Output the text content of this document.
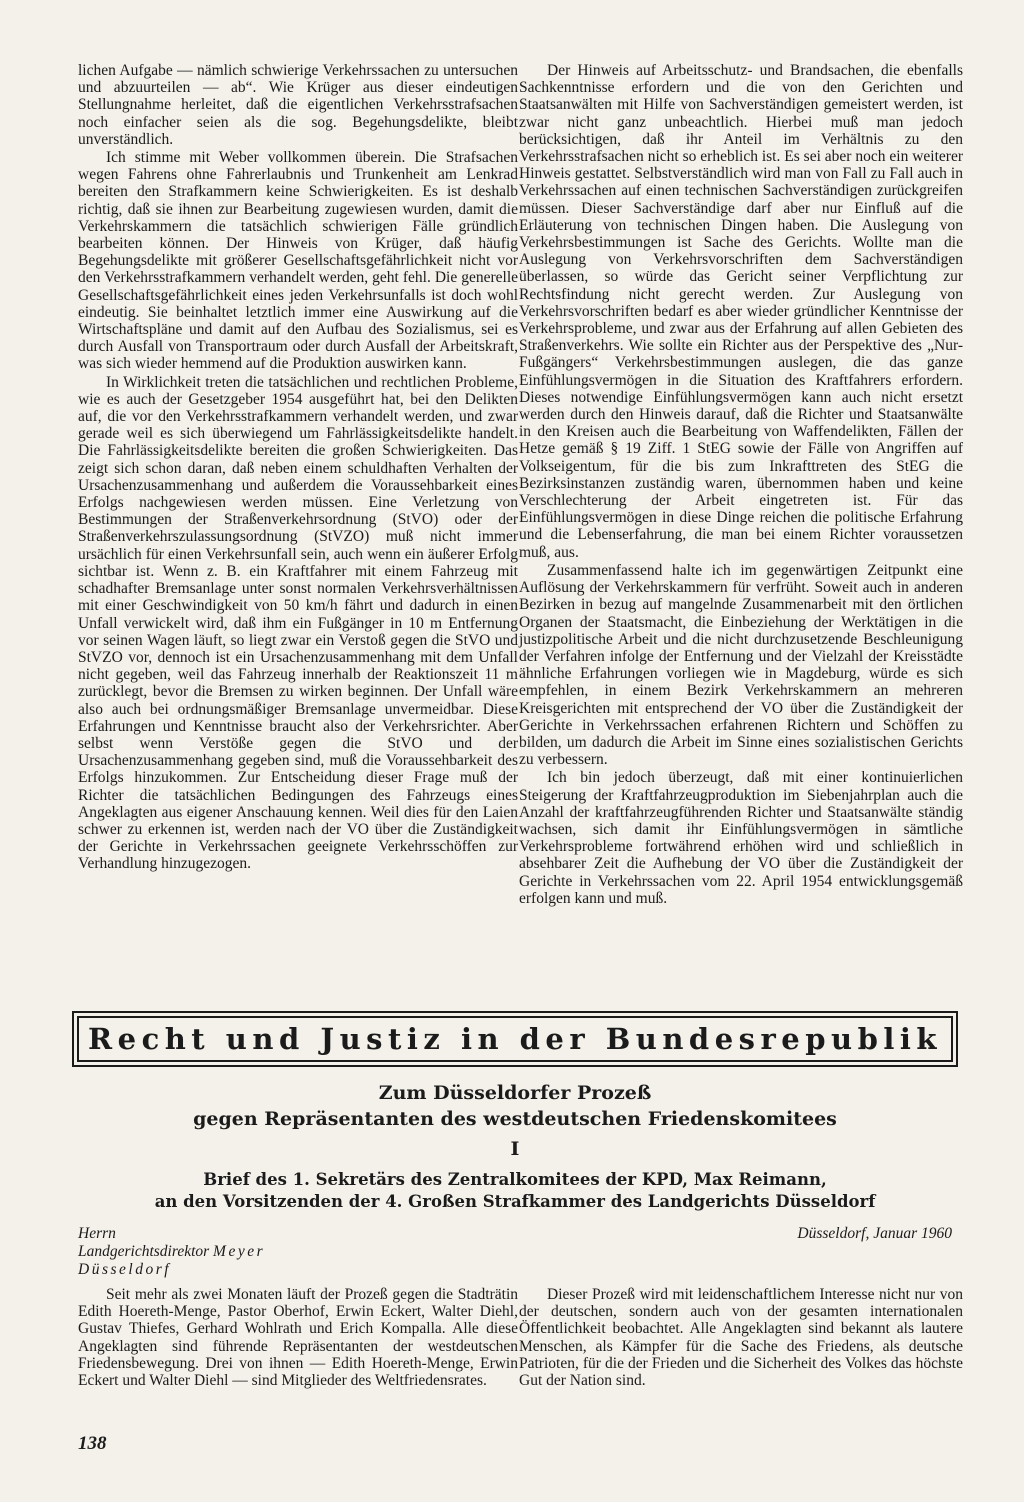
lichen Aufgabe — nämlich schwierige Verkehrssachen zu untersuchen und abzuurteilen — ab“. Wie Krüger aus dieser eindeutigen Stellungnahme herleitet, daß die eigentlichen Verkehrsstrafsachen noch einfacher seien als die sog. Begehungsdelikte, bleibt unverständlich.

Ich stimme mit Weber vollkommen überein. Die Strafsachen wegen Fahrens ohne Fahrerlaubnis und Trunkenheit am Lenkrad bereiten den Strafkammern keine Schwierigkeiten. Es ist deshalb richtig, daß sie ihnen zur Bearbeitung zugewiesen wurden, damit die Verkehrskammern die tatsächlich schwierigen Fälle gründlich bearbeiten können. Der Hinweis von Krüger, daß häufig Begehungsdelikte mit größerer Gesellschaftsgefährlichkeit nicht vor den Verkehrsstrafkammern verhandelt werden, geht fehl. Die generelle Gesellschaftsgefährlichkeit eines jeden Verkehrsunfalls ist doch wohl eindeutig. Sie beinhaltet letztlich immer eine Auswirkung auf die Wirtschaftspläne und damit auf den Aufbau des Sozialismus, sei es durch Ausfall von Transportraum oder durch Ausfall der Arbeitskraft, was sich wieder hemmend auf die Produktion auswirken kann.

In Wirklichkeit treten die tatsächlichen und rechtlichen Probleme, wie es auch der Gesetzgeber 1954 ausgeführt hat, bei den Delikten auf, die vor den Verkehrsstrafkammern verhandelt werden, und zwar gerade weil es sich überwiegend um Fahrlässigkeitsdelikte handelt. Die Fahrlässigkeitsdelikte bereiten die großen Schwierigkeiten. Das zeigt sich schon daran, daß neben einem schuldhaften Verhalten der Ursachenzusammenhang und außerdem die Voraussehbarkeit eines Erfolgs nachgewiesen werden müssen. Eine Verletzung von Bestimmungen der Straßenverkehrsordnung (StVO) oder der Straßenverkehrszulassungsordnung (StVZO) muß nicht immer ursächlich für einen Verkehrsunfall sein, auch wenn ein äußerer Erfolg sichtbar ist. Wenn z. B. ein Kraftfahrer mit einem Fahrzeug mit schadhafter Bremsanlage unter sonst normalen Verkehrsverhältnissen mit einer Geschwindigkeit von 50 km/h fährt und dadurch in einen Unfall verwickelt wird, daß ihm ein Fußgänger in 10 m Entfernung vor seinen Wagen läuft, so liegt zwar ein Verstoß gegen die StVO und StVZO vor, dennoch ist ein Ursachenzusammenhang mit dem Unfall nicht gegeben, weil das Fahrzeug innerhalb der Reaktionszeit 11 m zurücklegt, bevor die Bremsen zu wirken beginnen. Der Unfall wäre also auch bei ordnungsmäßiger Bremsanlage unvermeidbar. Diese Erfahrungen und Kenntnisse braucht also der Verkehrsrichter. Aber selbst wenn Verstöße gegen die StVO und der Ursachenzusammenhang gegeben sind, muß die Voraussehbarkeit des Erfolgs hinzukommen. Zur Entscheidung dieser Frage muß der Richter die tatsächlichen Bedingungen des Fahrzeugs eines Angeklagten aus eigener Anschauung kennen. Weil dies für den Laien schwer zu erkennen ist, werden nach der VO über die Zuständigkeit der Gerichte in Verkehrssachen geeignete Verkehrsschöffen zur Verhandlung hinzugezogen.

Der Hinweis auf Arbeitsschutz- und Brandsachen, die ebenfalls Sachkenntnisse erfordern und die von den Gerichten und Staatsanwälten mit Hilfe von Sachverständigen gemeistert werden, ist zwar nicht ganz unbeachtlich. Hierbei muß man jedoch berücksichtigen, daß ihr Anteil im Verhältnis zu den Verkehrsstrafsachen nicht so erheblich ist. Es sei aber noch ein weiterer Hinweis gestattet. Selbstverständlich wird man von Fall zu Fall auch in Verkehrssachen auf einen technischen Sachverständigen zurückgreifen müssen. Dieser Sachverständige darf aber nur Einfluß auf die Erläuterung von technischen Dingen haben. Die Auslegung von Verkehrsbestimmungen ist Sache des Gerichts. Wollte man die Auslegung von Verkehrsvorschriften dem Sachverständigen überlassen, so würde das Gericht seiner Verpflichtung zur Rechtsfindung nicht gerecht werden. Zur Auslegung von Verkehrsvorschriften bedarf es aber wieder gründlicher Kenntnisse der Verkehrsprobleme, und zwar aus der Erfahrung auf allen Gebieten des Straßenverkehrs. Wie sollte ein Richter aus der Perspektive des „Nur-Fußgängers“ Verkehrsbestimmungen auslegen, die das ganze Einfühlungsvermögen in die Situation des Kraftfahrers erfordern. Dieses notwendige Einfühlungsvermögen kann auch nicht ersetzt werden durch den Hinweis darauf, daß die Richter und Staatsanwälte in den Kreisen auch die Bearbeitung von Waffendelikten, Fällen der Hetze gemäß § 19 Ziff. 1 StEG sowie der Fälle von Angriffen auf Volkseigentum, für die bis zum Inkrafttreten des StEG die Bezirksinstanzen zuständig waren, übernommen haben und keine Verschlechterung der Arbeit eingetreten ist. Für das Einfühlungsvermögen in diese Dinge reichen die politische Erfahrung und die Lebenserfahrung, die man bei einem Richter voraussetzen muß, aus.

Zusammenfassend halte ich im gegenwärtigen Zeitpunkt eine Auflösung der Verkehrskammern für verfrüht. Soweit auch in anderen Bezirken in bezug auf mangelnde Zusammenarbeit mit den örtlichen Organen der Staatsmacht, die Einbeziehung der Werktätigen in die justizpolitische Arbeit und die nicht durchzusetzende Beschleunigung der Verfahren infolge der Entfernung und der Vielzahl der Kreisstädte ähnliche Erfahrungen vorliegen wie in Magdeburg, würde es sich empfehlen, in einem Bezirk Verkehrskammern an mehreren Kreisgerichten mit entsprechend der VO über die Zuständigkeit der Gerichte in Verkehrssachen erfahrenen Richtern und Schöffen zu bilden, um dadurch die Arbeit im Sinne eines sozialistischen Gerichts zu verbessern.

Ich bin jedoch überzeugt, daß mit einer kontinuierlichen Steigerung der Kraftfahrzeugproduktion im Siebenjahrplan auch die Anzahl der kraftfahrzeugführenden Richter und Staatsanwälte ständig wachsen, sich damit ihr Einfühlungsvermögen in sämtliche Verkehrsprobleme fortwährend erhöhen wird und schließlich in absehbarer Zeit die Aufhebung der VO über die Zuständigkeit der Gerichte in Verkehrssachen vom 22. April 1954 entwicklungsgemäß erfolgen kann und muß.

Recht und Justiz in der Bundesrepublik
Zum Düsseldorfer Prozeß
gegen Repräsentanten des westdeutschen Friedenskomitees
I
Brief des 1. Sekretärs des Zentralkomitees der KPD, Max Reimann,
an den Vorsitzenden der 4. Großen Strafkammer des Landgerichts Düsseldorf
Herrn
Landgerichtsdirektor Meyer
Düsseldorf
Düsseldorf, Januar 1960

Seit mehr als zwei Monaten läuft der Prozeß gegen die Stadträtin Edith Hoereth-Menge, Pastor Oberhof, Erwin Eckert, Walter Diehl, Gustav Thiefes, Gerhard Wohlrath und Erich Kompalla. Alle diese Angeklagten sind führende Repräsentanten der westdeutschen Friedensbewegung. Drei von ihnen — Edith Hoereth-Menge, Erwin Eckert und Walter Diehl — sind Mitglieder des Weltfriedensrates.

Dieser Prozeß wird mit leidenschaftlichem Interesse nicht nur von der deutschen, sondern auch von der gesamten internationalen Öffentlichkeit beobachtet. Alle Angeklagten sind bekannt als lautere Menschen, als Kämpfer für die Sache des Friedens, als deutsche Patrioten, für die der Frieden und die Sicherheit des Volkes das höchste Gut der Nation sind.

138
